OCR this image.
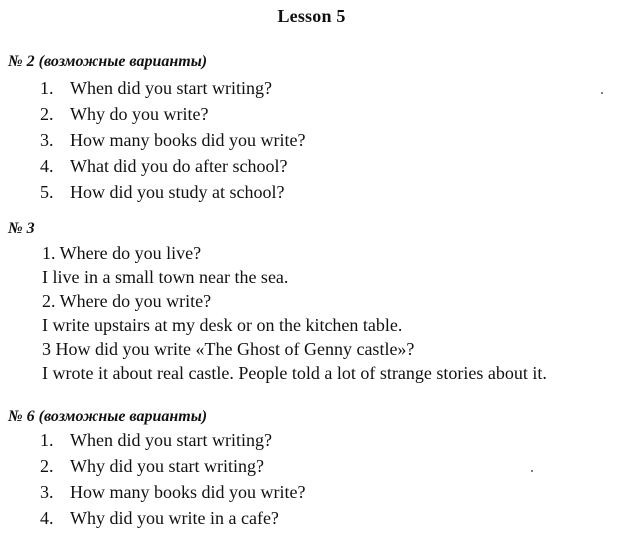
Lesson 5
№ 2 (возможные варианты)
1. When did you start writing?
2. Why do you write?
3. How many books did you write?
4. What did you do after school?
5. How did you study at school?
№ 3
1. Where do you live?
I live in a small town near the sea.
2. Where do you write?
I write upstairs at my desk or on the kitchen table.
3 How did you write «The Ghost of Genny castle»?
I wrote it about real castle. People told a lot of strange stories about it.
№ 6 (возможные варианты)
1. When did you start writing?
2. Why did you start writing?
3. How many books did you write?
4. Why did you write in a cafe?
